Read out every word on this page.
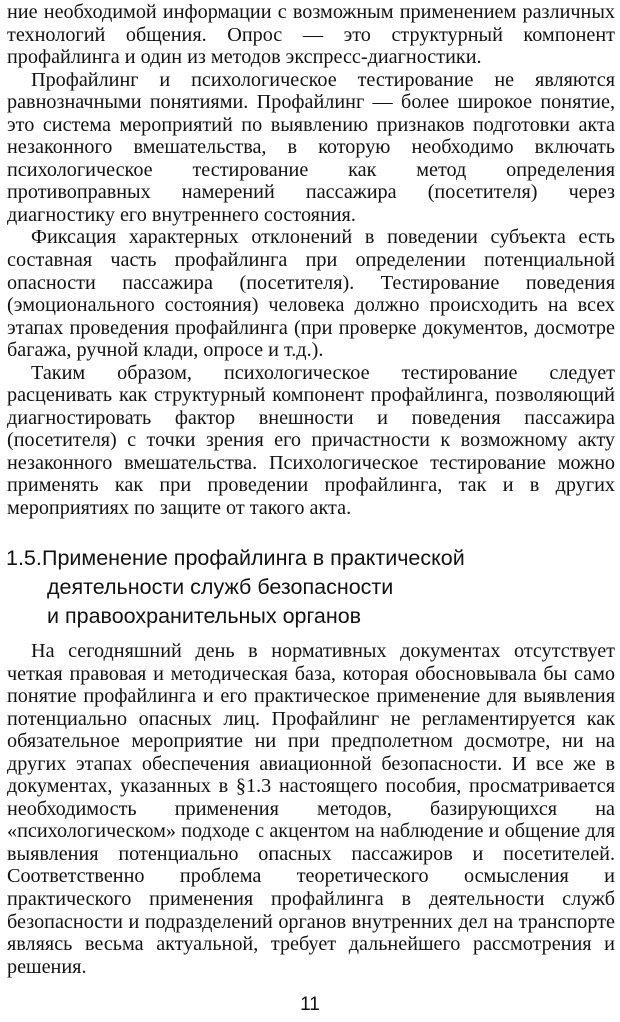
ние необходимой информации с возможным применением различных технологий общения. Опрос — это структурный компонент профайлинга и один из методов экспресс-диагностики.

Профайлинг и психологическое тестирование не являются равнозначными понятиями. Профайлинг — более широкое понятие, это система мероприятий по выявлению признаков подготовки акта незаконного вмешательства, в которую необходимо включать психологическое тестирование как метод определения противоправных намерений пассажира (посетителя) через диагностику его внутреннего состояния.

Фиксация характерных отклонений в поведении субъекта есть составная часть профайлинга при определении потенциальной опасности пассажира (посетителя). Тестирование поведения (эмоционального состояния) человека должно происходить на всех этапах проведения профайлинга (при проверке документов, досмотре багажа, ручной клади, опросе и т.д.).

Таким образом, психологическое тестирование следует расценивать как структурный компонент профайлинга, позволяющий диагностировать фактор внешности и поведения пассажира (посетителя) с точки зрения его причастности к возможному акту незаконного вмешательства. Психологическое тестирование можно применять как при проведении профайлинга, так и в других мероприятиях по защите от такого акта.

1.5.Применение профайлинга в практической
деятельности служб безопасности
и правоохранительных органов

На сегодняшний день в нормативных документах отсутствует четкая правовая и методическая база, которая обосновывала бы само понятие профайлинга и его практическое применение для выявления потенциально опасных лиц. Профайлинг не регламентируется как обязательное мероприятие ни при предполетном досмотре, ни на других этапах обеспечения авиационной безопасности. И все же в документах, указанных в §1.3 настоящего пособия, просматривается необходимость применения методов, базирующихся на «психологическом» подходе с акцентом на наблюдение и общение для выявления потенциально опасных пассажиров и посетителей. Соответственно проблема теоретического осмысления и практического применения профайлинга в деятельности служб безопасности и подразделений органов внутренних дел на транспорте являясь весьма актуальной, требует дальнейшего рассмотрения и решения.

11
